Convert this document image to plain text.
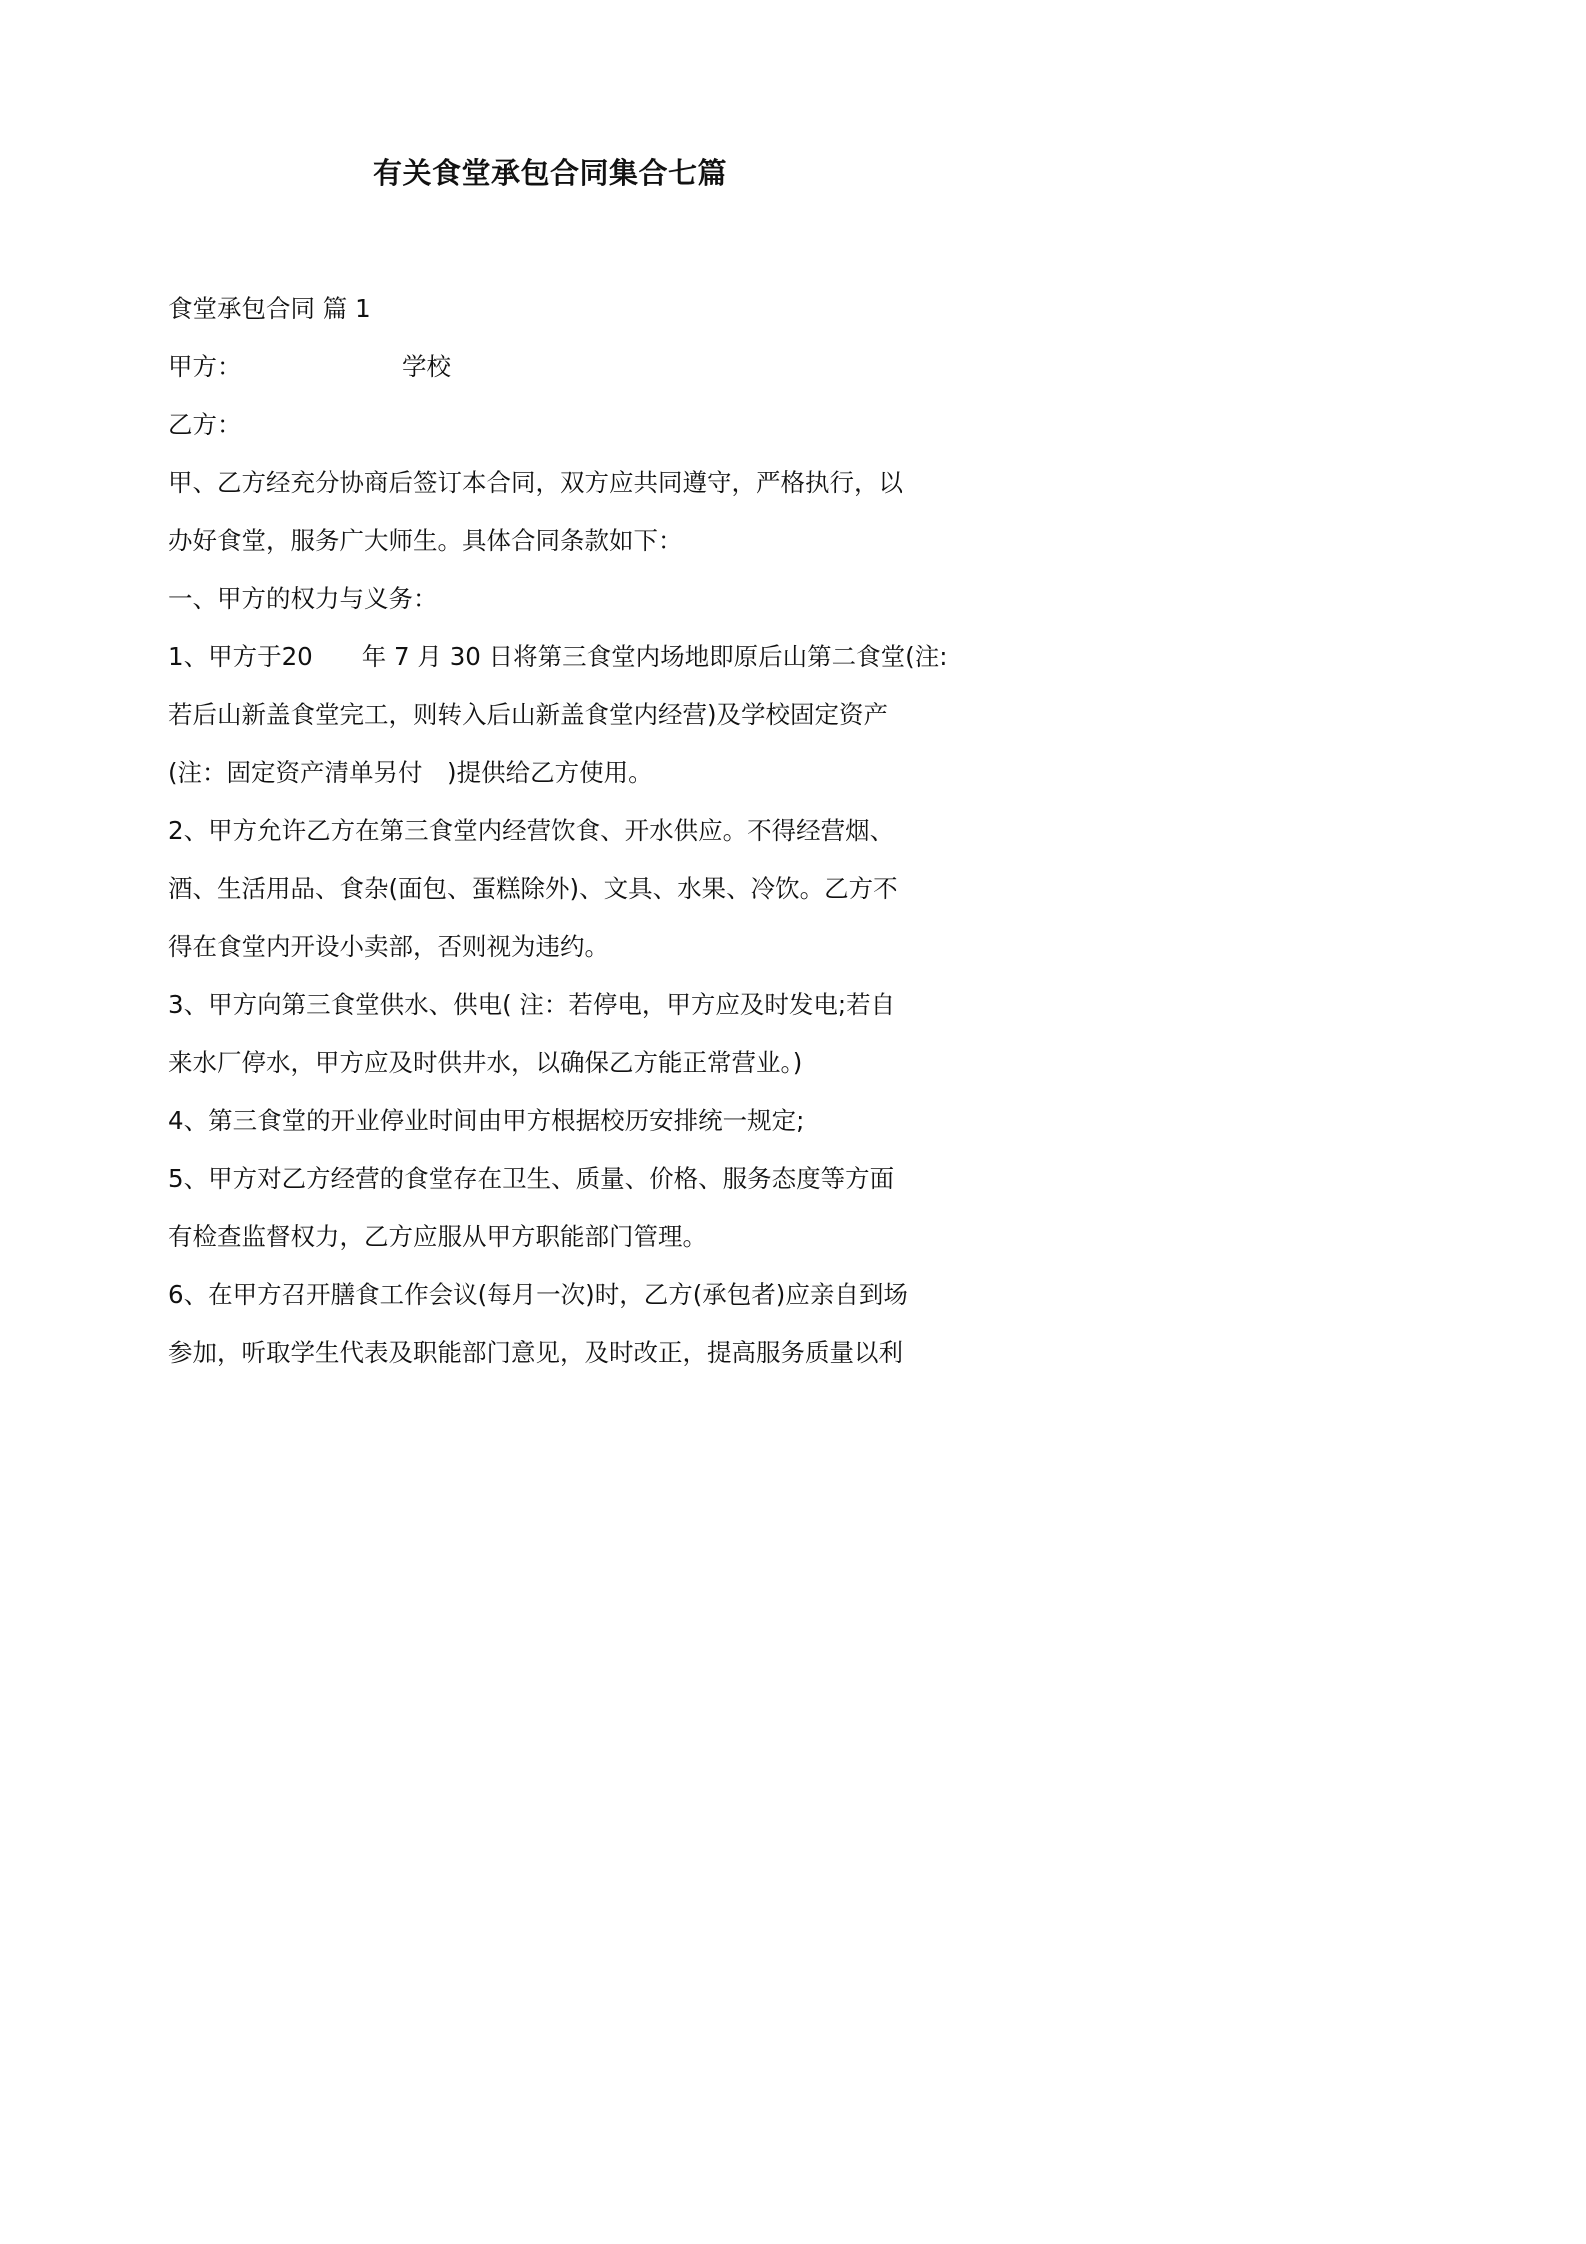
有关食堂承包合同集合七篇
食堂承包合同 篇 1
甲方：	学校
乙方：
甲、乙方经充分协商后签订本合同，双方应共同遵守，严格执行，以
办好食堂，服务广大师生。具体合同条款如下：
一、甲方的权力与义务：
1、甲方于20　　年 7 月 30 日将第三食堂内场地即原后山第二食堂(注:
若后山新盖食堂完工，则转入后山新盖食堂内经营)及学校固定资产
(注：固定资产清单另付　)提供给乙方使用。
2、甲方允许乙方在第三食堂内经营饮食、开水供应。不得经营烟、
酒、生活用品、食杂(面包、蛋糕除外)、文具、水果、冷饮。乙方不
得在食堂内开设小卖部，否则视为违约。
3、甲方向第三食堂供水、供电( 注：若停电，甲方应及时发电;若自
来水厂停水，甲方应及时供井水，以确保乙方能正常营业。)
4、第三食堂的开业停业时间由甲方根据校历安排统一规定;
5、甲方对乙方经营的食堂存在卫生、质量、价格、服务态度等方面
有检查监督权力，乙方应服从甲方职能部门管理。
6、在甲方召开膳食工作会议(每月一次)时，乙方(承包者)应亲自到场
参加，听取学生代表及职能部门意见，及时改正，提高服务质量以利
